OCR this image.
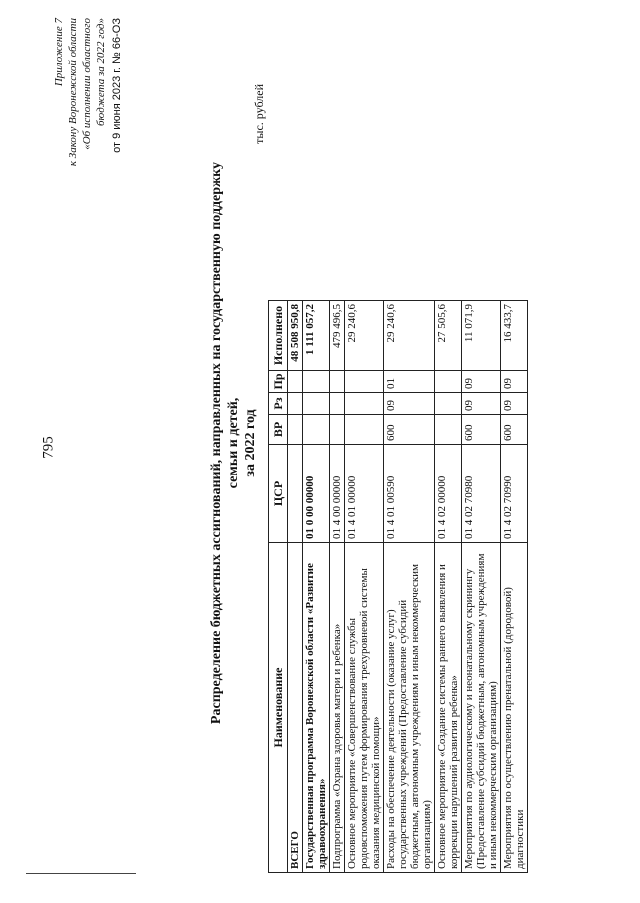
795
Приложение 7 к Закону Воронежской области «Об исполнении областного бюджета за 2022 год» от 9 июня 2023 г. № 66-ОЗ
Распределение бюджетных ассигнований, направленных на государственную поддержку семьи и детей, за 2022 год
тыс. рублей
Наименование	ЦСР	ВР	Рз	Пр	Исполнено
ВСЕГО					48 508 950,8
Государственная программа Воронежской области «Развитие здравоохранения»	01 0 00 00000				1 111 057,2
Подпрограмма «Охрана здоровья матери и ребенка»	01 4 00 00000				479 496,5
Основное мероприятие «Совершенствование службы родовспоможения путем формирования трехуровневой системы оказания медицинской помощи»	01 4 01 00000				29 240,6
Расходы на обеспечение деятельности (оказание услуг) государственных учреждений (Предоставление субсидий бюджетным, автономным учреждениям и иным некоммерческим организациям)	01 4 01 00590	600	09	01	29 240,6
Основное мероприятие «Создание системы раннего выявления и коррекции нарушений развития ребенка»	01 4 02 00000				27 505,6
Мероприятия по аудиологическому и неонатальному скринингу (Предоставление субсидий бюджетным, автономным учреждениям и иным некоммерческим организациям)	01 4 02 70980	600	09	09	11 071,9
Мероприятия по осуществлению пренатальной (дородовой) диагностики	01 4 02 70990	600	09	09	16 433,7
